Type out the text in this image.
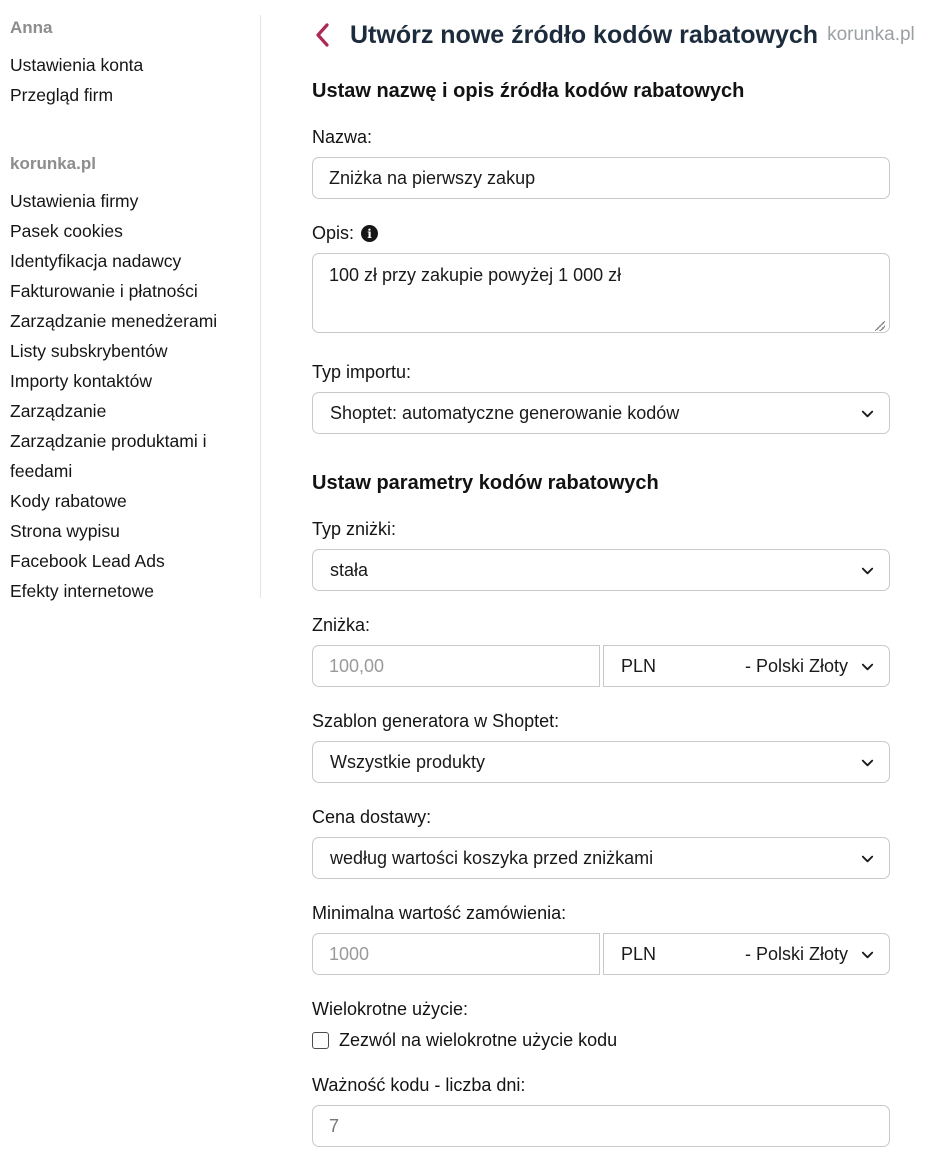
Anna
Ustawienia konta
Przegląd firm
korunka.pl
Ustawienia firmy
Pasek cookies
Identyfikacja nadawcy
Fakturowanie i płatności
Zarządzanie menedżerami
Listy subskrybentów
Importy kontaktów
Zarządzanie
Zarządzanie produktami i feedami
Kody rabatowe
Strona wypisu
Facebook Lead Ads
Efekty internetowe
Utwórz nowe źródło kodów rabatowych korunka.pl
Ustaw nazwę i opis źródła kodów rabatowych
Nazwa:
Zniżka na pierwszy zakup
Opis:	i
100 zł przy zakupie powyżej 1 000 zł
Typ importu:
Shoptet: automatyczne generowanie kodów
Ustaw parametry kodów rabatowych
Typ zniżki:
stała
Zniżka:
100,00
PLN	- Polski Złoty
Szablon generatora w Shoptet:
Wszystkie produkty
Cena dostawy:
według wartości koszyka przed zniżkami
Minimalna wartość zamówienia:
1000
PLN	- Polski Złoty
Wielokrotne użycie:
Zezwól na wielokrotne użycie kodu
Ważność kodu - liczba dni:
7
